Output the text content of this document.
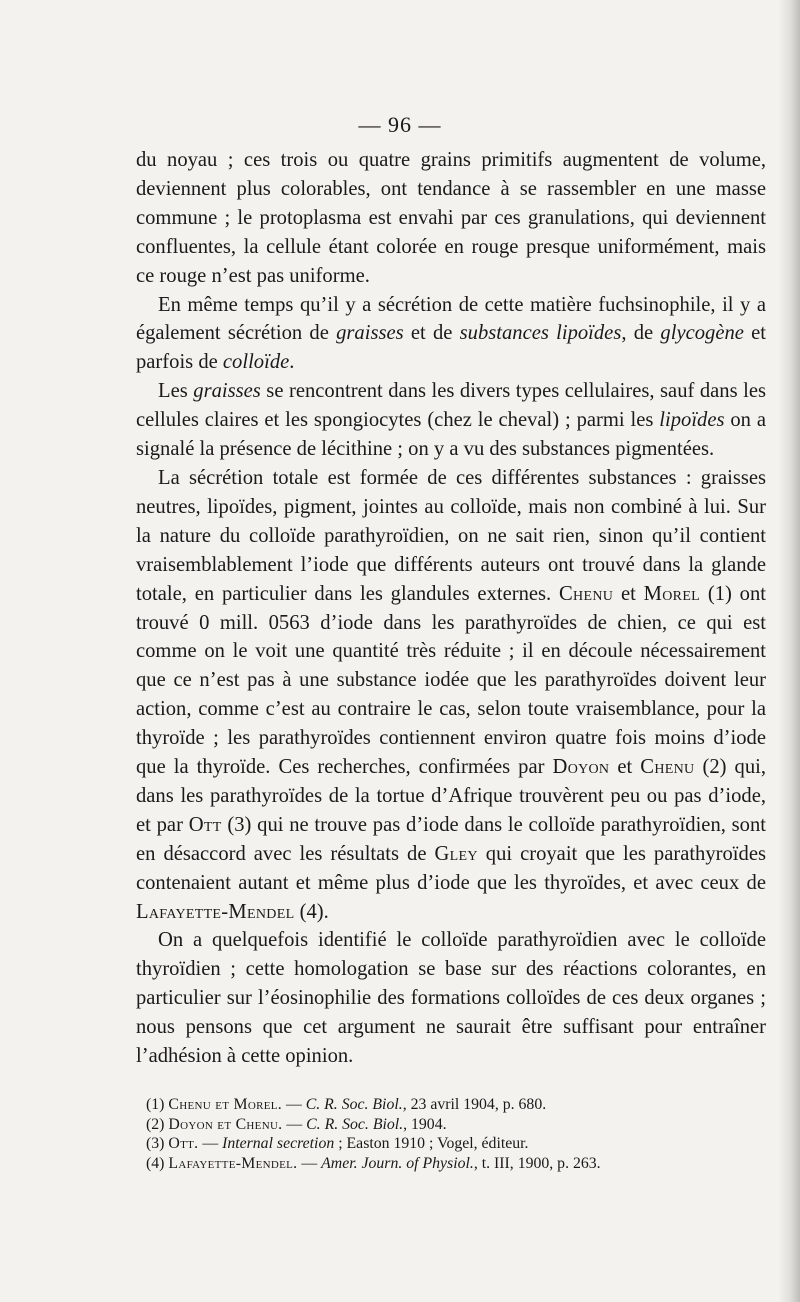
— 96 —

du noyau ; ces trois ou quatre grains primitifs augmentent de volume, deviennent plus colorables, ont tendance à se rassembler en une masse commune ; le protoplasma est envahi par ces granulations, qui deviennent confluentes, la cellule étant colorée en rouge presque uniformément, mais ce rouge n’est pas uniforme.

En même temps qu’il y a sécrétion de cette matière fuchsinophile, il y a également sécrétion de graisses et de substances lipoïdes, de glycogène et parfois de colloïde.

Les graisses se rencontrent dans les divers types cellulaires, sauf dans les cellules claires et les spongiocytes (chez le cheval) ; parmi les lipoïdes on a signalé la présence de lécithine ; on y a vu des substances pigmentées.

La sécrétion totale est formée de ces différentes substances : graisses neutres, lipoïdes, pigment, jointes au colloïde, mais non combiné à lui. Sur la nature du colloïde parathyroïdien, on ne sait rien, sinon qu’il contient vraisemblablement l’iode que différents auteurs ont trouvé dans la glande totale, en particulier dans les glandules externes. Chenu et Morel (1) ont trouvé 0 mill. 0563 d’iode dans les parathyroïdes de chien, ce qui est comme on le voit une quantité très réduite ; il en découle nécessairement que ce n’est pas à une substance iodée que les parathyroïdes doivent leur action, comme c’est au contraire le cas, selon toute vraisemblance, pour la thyroïde ; les parathyroïdes contiennent environ quatre fois moins d’iode que la thyroïde. Ces recherches, confirmées par Doyon et Chenu (2) qui, dans les parathyroïdes de la tortue d’Afrique trouvèrent peu ou pas d’iode, et par Ott (3) qui ne trouve pas d’iode dans le colloïde parathyroïdien, sont en désaccord avec les résultats de Gley qui croyait que les parathyroïdes contenaient autant et même plus d’iode que les thyroïdes, et avec ceux de Lafayette-Mendel (4).

On a quelquefois identifié le colloïde parathyroïdien avec le colloïde thyroïdien ; cette homologation se base sur des réactions colorantes, en particulier sur l’éosinophilie des formations colloïdes de ces deux organes ; nous pensons que cet argument ne saurait être suffisant pour entraîner l’adhésion à cette opinion.

(1) Chenu et Morel. — C. R. Soc. Biol., 23 avril 1904, p. 680.
(2) Doyon et Chenu. — C. R. Soc. Biol., 1904.
(3) Ott. — Internal secretion ; Easton 1910 ; Vogel, éditeur.
(4) Lafayette-Mendel. — Amer. Journ. of Physiol., t. III, 1900, p. 263.
